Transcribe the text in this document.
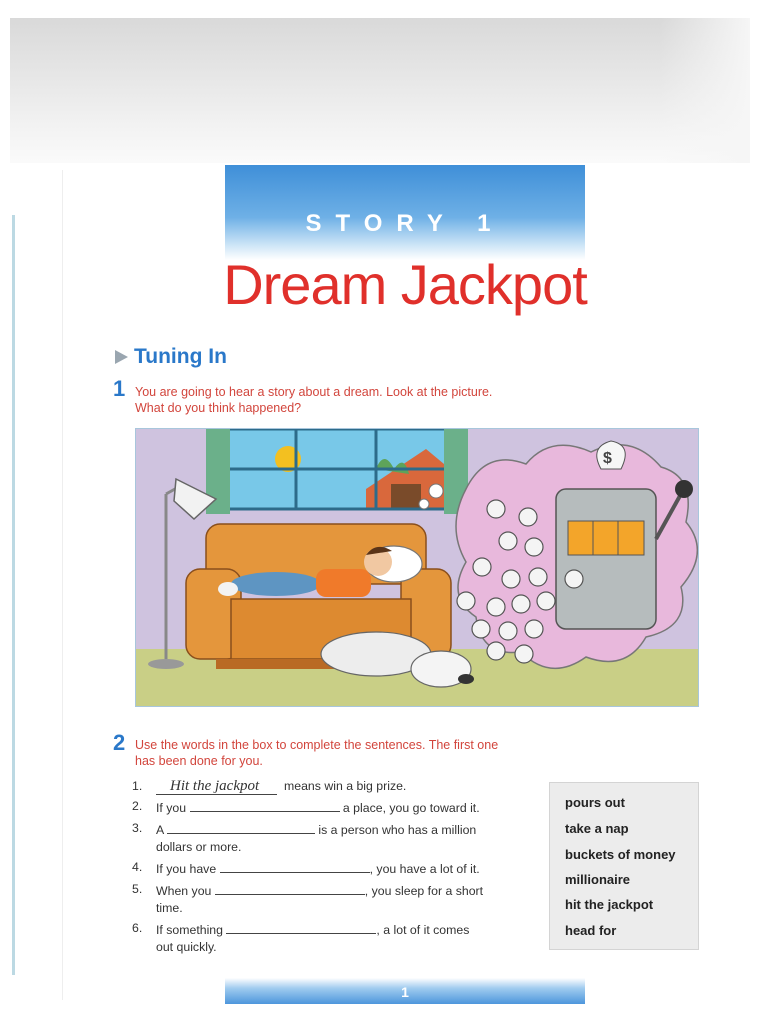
STORY 1
Dream Jackpot
Tuning In
1 You are going to hear a story about a dream. Look at the picture. What do you think happened?
$
2 Use the words in the box to complete the sentences. The first one has been done for you.
1.	Hit the jackpot means win a big prize.
2.	If you	a place, you go toward it.
3.	A	is a person who has a million
dollars or more.
4.	If you have	, you have a lot of it.
5.	When you	, you sleep for a short
time.
6.	If something	, a lot of it comes
out quickly.
pours out
take a nap
buckets of money
millionaire
hit the jackpot
head for
1
